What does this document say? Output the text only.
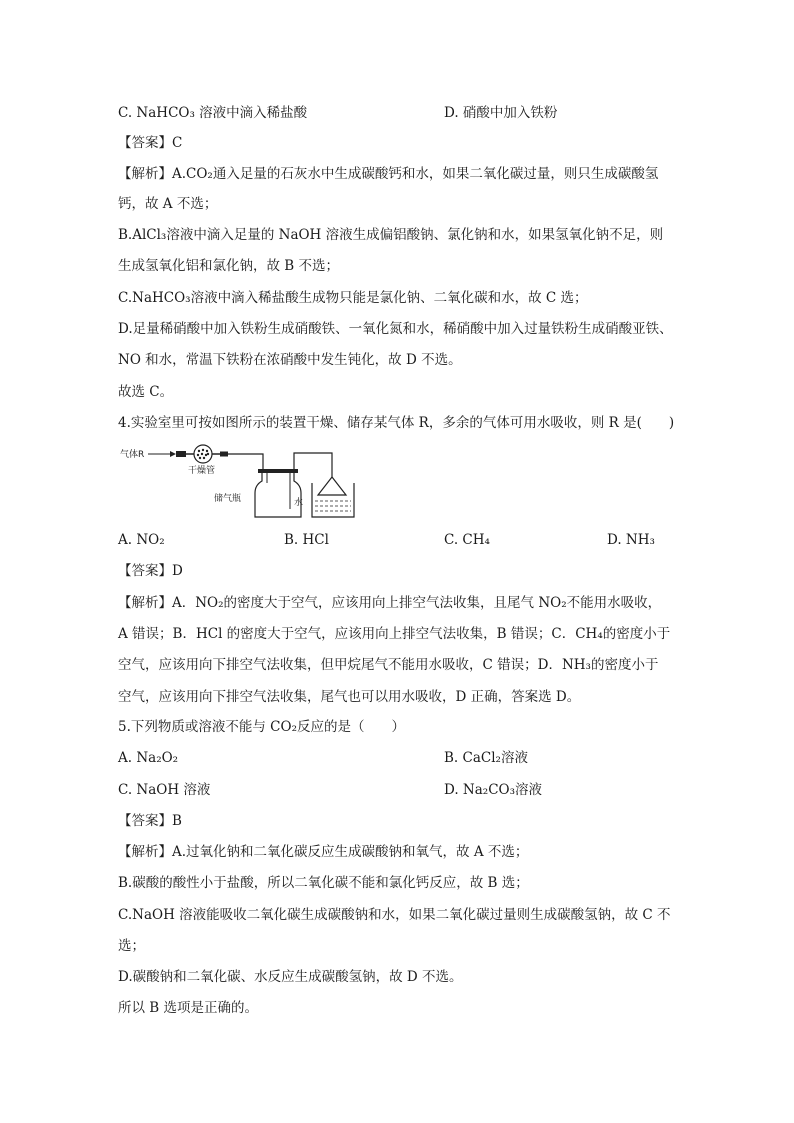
C. NaHCO₃ 溶液中滴入稀盐酸	D. 硝酸中加入铁粉
【答案】C
【解析】A.CO₂通入足量的石灰水中生成碳酸钙和水，如果二氧化碳过量，则只生成碳酸氢
钙，故 A 不选；
B.AlCl₃溶液中滴入足量的 NaOH 溶液生成偏铝酸钠、氯化钠和水，如果氢氧化钠不足，则
生成氢氧化铝和氯化钠，故 B 不选；
C.NaHCO₃溶液中滴入稀盐酸生成物只能是氯化钠、二氧化碳和水，故 C 选；
D.足量稀硝酸中加入铁粉生成硝酸铁、一氧化氮和水，稀硝酸中加入过量铁粉生成硝酸亚铁、
NO 和水，常温下铁粉在浓硝酸中发生钝化，故 D 不选。
故选 C。
4.实验室里可按如图所示的装置干燥、储存某气体 R，多余的气体可用水吸收，则 R 是(　　)
气体R
干燥管
储气瓶	水
A. NO₂	B. HCl	C. CH₄	D. NH₃
【答案】D
【解析】A．NO₂的密度大于空气，应该用向上排空气法收集，且尾气 NO₂不能用水吸收，
A 错误；B．HCl 的密度大于空气，应该用向上排空气法收集，B 错误；C．CH₄的密度小于
空气，应该用向下排空气法收集，但甲烷尾气不能用水吸收，C 错误；D．NH₃的密度小于
空气，应该用向下排空气法收集，尾气也可以用水吸收，D 正确，答案选 D。
5.下列物质或溶液不能与 CO₂反应的是（　　）
A. Na₂O₂	B. CaCl₂溶液
C. NaOH 溶液	D. Na₂CO₃溶液
【答案】B
【解析】A.过氧化钠和二氧化碳反应生成碳酸钠和氧气，故 A 不选；
B.碳酸的酸性小于盐酸，所以二氧化碳不能和氯化钙反应，故 B 选；
C.NaOH 溶液能吸收二氧化碳生成碳酸钠和水，如果二氧化碳过量则生成碳酸氢钠，故 C 不
选；
D.碳酸钠和二氧化碳、水反应生成碳酸氢钠，故 D 不选。
所以 B 选项是正确的。
